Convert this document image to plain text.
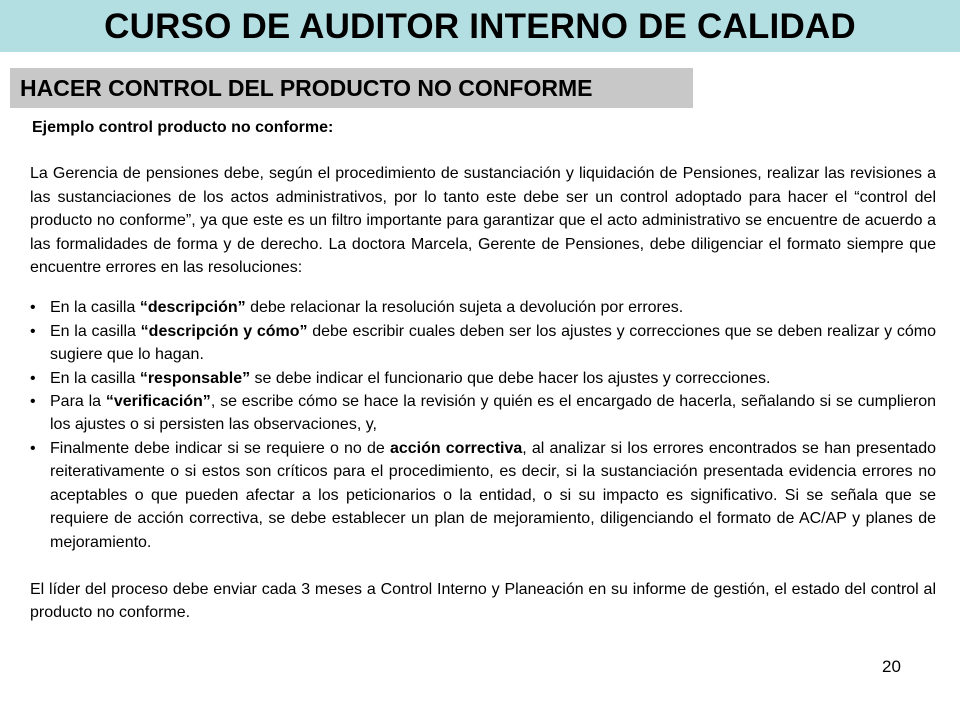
CURSO DE AUDITOR INTERNO DE CALIDAD
HACER CONTROL DEL PRODUCTO NO CONFORME

Ejemplo control producto no conforme:

La Gerencia de pensiones debe, según el procedimiento de sustanciación y liquidación de Pensiones, realizar las revisiones a las sustanciaciones de los actos administrativos, por lo tanto este debe ser un control adoptado para hacer el “control del producto no conforme”, ya que este es un filtro importante para garantizar que el acto administrativo se encuentre de acuerdo a las formalidades de forma y de derecho. La doctora Marcela, Gerente de Pensiones, debe diligenciar el formato siempre que encuentre errores en las resoluciones:

• En la casilla “descripción” debe relacionar la resolución sujeta a devolución por errores.
• En la casilla “descripción y cómo” debe escribir cuales deben ser los ajustes y correcciones que se deben realizar y cómo sugiere que lo hagan.
• En la casilla “responsable” se debe indicar el funcionario que debe hacer los ajustes y correcciones.
• Para la “verificación”, se escribe cómo se hace la revisión y quién es el encargado de hacerla, señalando si se cumplieron los ajustes o si persisten las observaciones, y,
• Finalmente debe indicar si se requiere o no de acción correctiva, al analizar si los errores encontrados se han presentado reiterativamente o si estos son críticos para el procedimiento, es decir, si la sustanciación presentada evidencia errores no aceptables o que pueden afectar a los peticionarios o la entidad, o si su impacto es significativo. Si se señala que se requiere de acción correctiva, se debe establecer un plan de mejoramiento, diligenciando el formato de AC/AP y planes de mejoramiento.

El líder del proceso debe enviar cada 3 meses a Control Interno y Planeación en su informe de gestión, el estado del control al producto no conforme.

20
